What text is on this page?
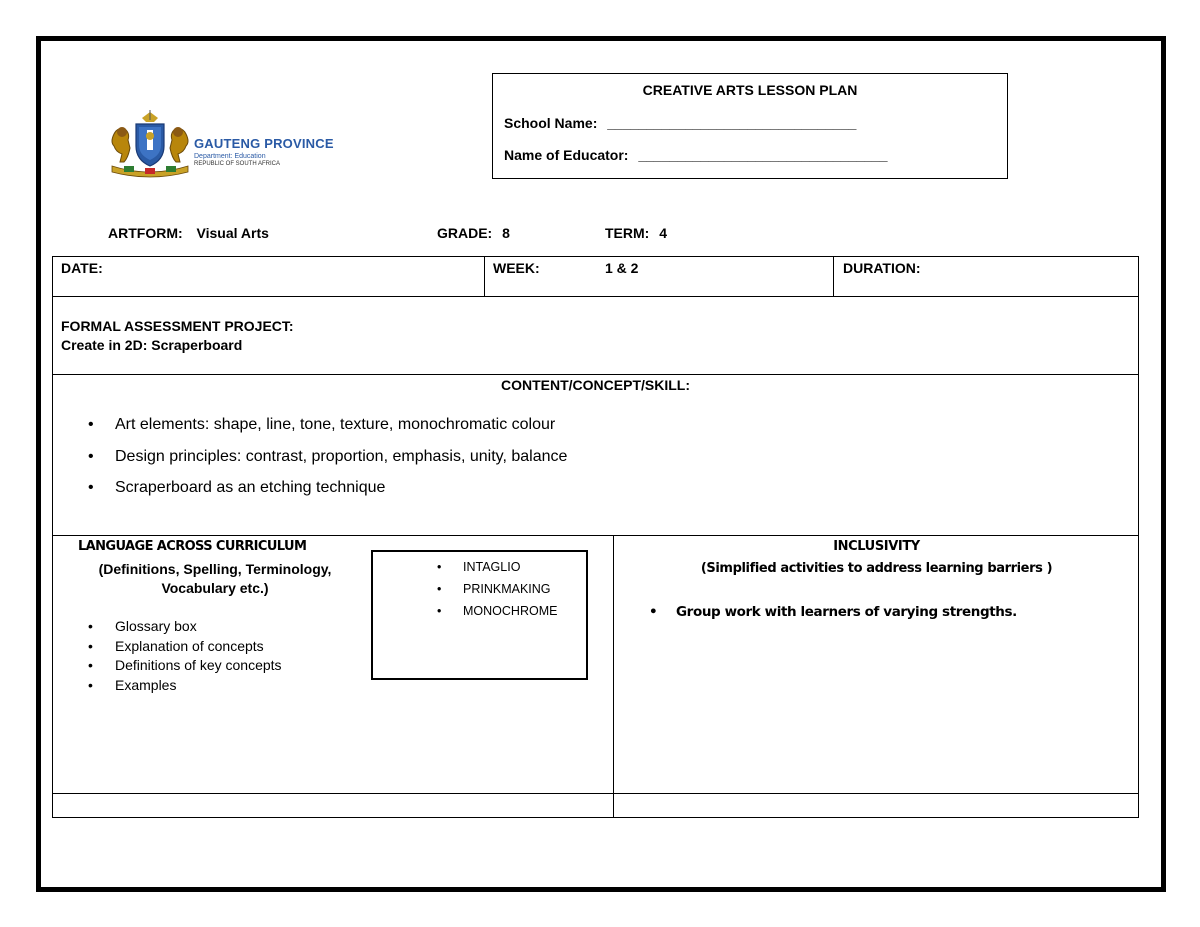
GAUTENG PROVINCE
Department: Education
REPUBLIC OF SOUTH AFRICA
CREATIVE ARTS LESSON PLAN
School Name: ________________________________
Name of Educator: ________________________________
ARTFORM: Visual Arts	GRADE: 8	TERM: 4
DATE:	WEEK:	1 & 2	DURATION:
FORMAL ASSESSMENT PROJECT:
Create in 2D: Scraperboard
CONTENT/CONCEPT/SKILL:
• Art elements: shape, line, tone, texture, monochromatic colour
• Design principles: contrast, proportion, emphasis, unity, balance
• Scraperboard as an etching technique
LANGUAGE ACROSS CURRICULUM
(Definitions, Spelling, Terminology,
Vocabulary etc.)
• Glossary box
• Explanation of concepts
• Definitions of key concepts
• Examples
• INTAGLIO
• PRINKMAKING
• MONOCHROME
INCLUSIVITY
(Simplified activities to address learning barriers )
• Group work with learners of varying strengths.
